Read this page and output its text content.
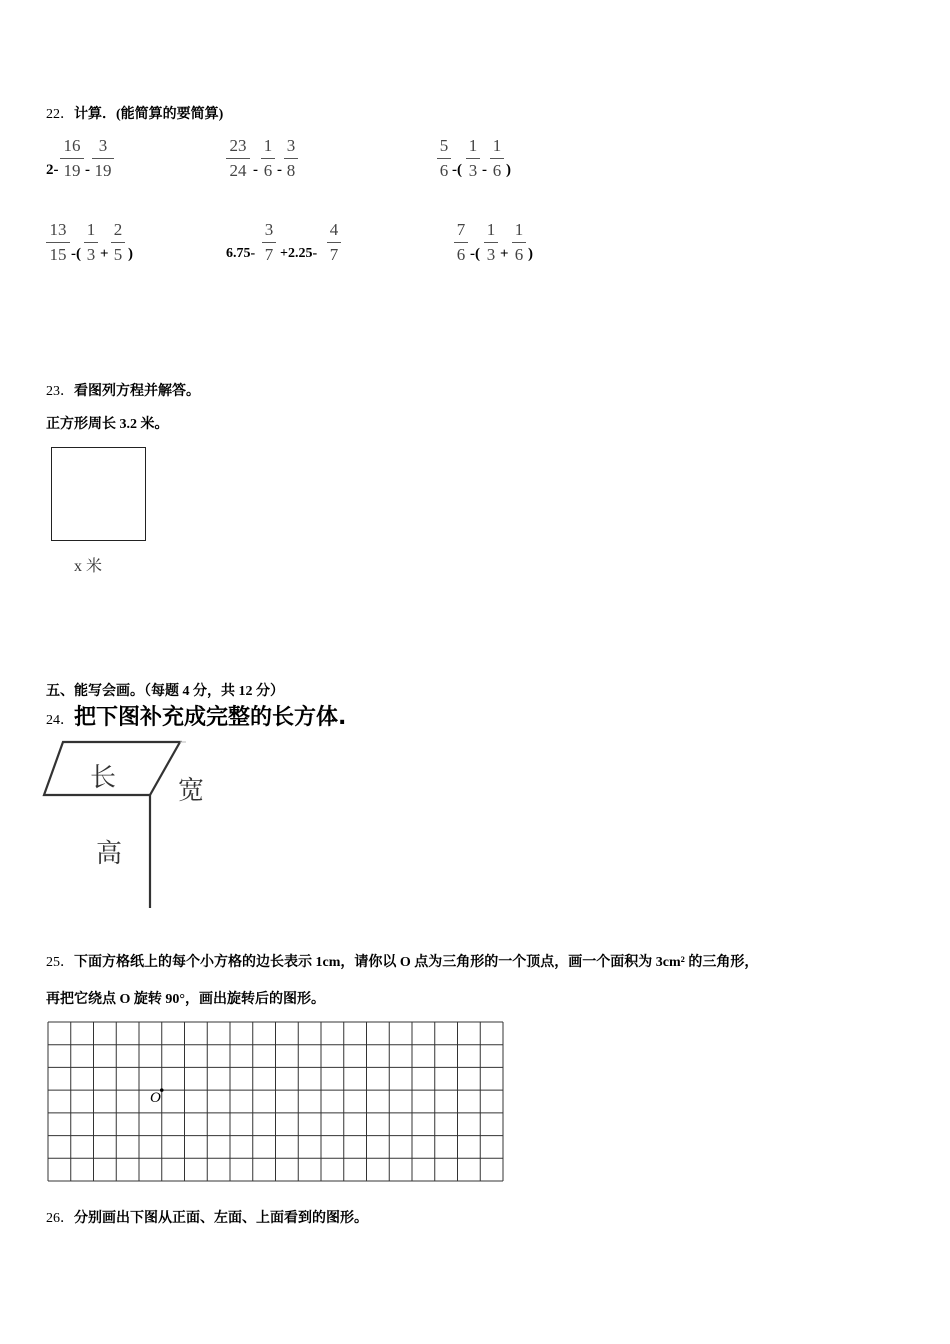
22．计算．(能简算的要简算)
2-
16
19 -
3
19
23
24 -
1
6 -
3
8
5
6 -(
1
3 -
1
6 )
13
15 -(
1
3 +
2
5 )	6.75-
3
7 +2.25-
4
7
7
6 -(
1
3 +
1
6 )
23．看图列方程并解答。
正方形周长 3.2 米。
x 米
五、能写会画。（每题 4 分，共 12 分）
24．把下图补充成完整的长方体.
长 宽
高
25．下面方格纸上的每个小方格的边长表示 1cm，请你以 O 点为三角形的一个顶点，画一个面积为 3cm² 的三角形，
再把它绕点 O 旋转 90°，画出旋转后的图形。
O
26．分别画出下图从正面、左面、上面看到的图形。
